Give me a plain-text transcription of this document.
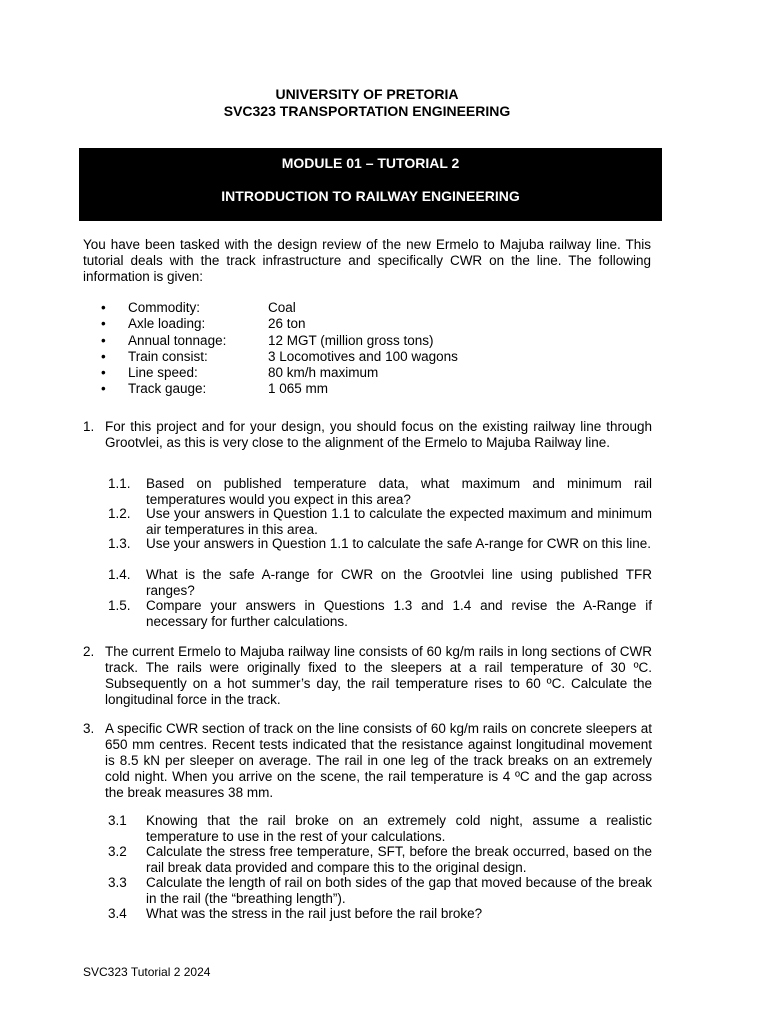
UNIVERSITY OF PRETORIA
SVC323 TRANSPORTATION ENGINEERING
MODULE 01 – TUTORIAL 2
INTRODUCTION TO RAILWAY ENGINEERING
You have been tasked with the design review of the new Ermelo to Majuba railway line. This tutorial deals with the track infrastructure and specifically CWR on the line. The following information is given:
• Commodity:	Coal
• Axle loading:	26 ton
• Annual tonnage:	12 MGT (million gross tons)
• Train consist:	3 Locomotives and 100 wagons
• Line speed:	80 km/h maximum
• Track gauge:	1 065 mm
1. For this project and for your design, you should focus on the existing railway line through Grootvlei, as this is very close to the alignment of the Ermelo to Majuba Railway line.
1.1. Based on published temperature data, what maximum and minimum rail temperatures would you expect in this area?
1.2. Use your answers in Question 1.1 to calculate the expected maximum and minimum air temperatures in this area.
1.3. Use your answers in Question 1.1 to calculate the safe A-range for CWR on this line.
1.4. What is the safe A-range for CWR on the Grootvlei line using published TFR ranges?
1.5. Compare your answers in Questions 1.3 and 1.4 and revise the A-Range if necessary for further calculations.
2. The current Ermelo to Majuba railway line consists of 60 kg/m rails in long sections of CWR track. The rails were originally fixed to the sleepers at a rail temperature of 30 ºC. Subsequently on a hot summer’s day, the rail temperature rises to 60 ºC. Calculate the longitudinal force in the track.
3. A specific CWR section of track on the line consists of 60 kg/m rails on concrete sleepers at 650 mm centres. Recent tests indicated that the resistance against longitudinal movement is 8.5 kN per sleeper on average. The rail in one leg of the track breaks on an extremely cold night. When you arrive on the scene, the rail temperature is 4 ºC and the gap across the break measures 38 mm.
3.1 Knowing that the rail broke on an extremely cold night, assume a realistic temperature to use in the rest of your calculations.
3.2 Calculate the stress free temperature, SFT, before the break occurred, based on the rail break data provided and compare this to the original design.
3.3 Calculate the length of rail on both sides of the gap that moved because of the break in the rail (the “breathing length”).
3.4 What was the stress in the rail just before the rail broke?
SVC323 Tutorial 2 2024
